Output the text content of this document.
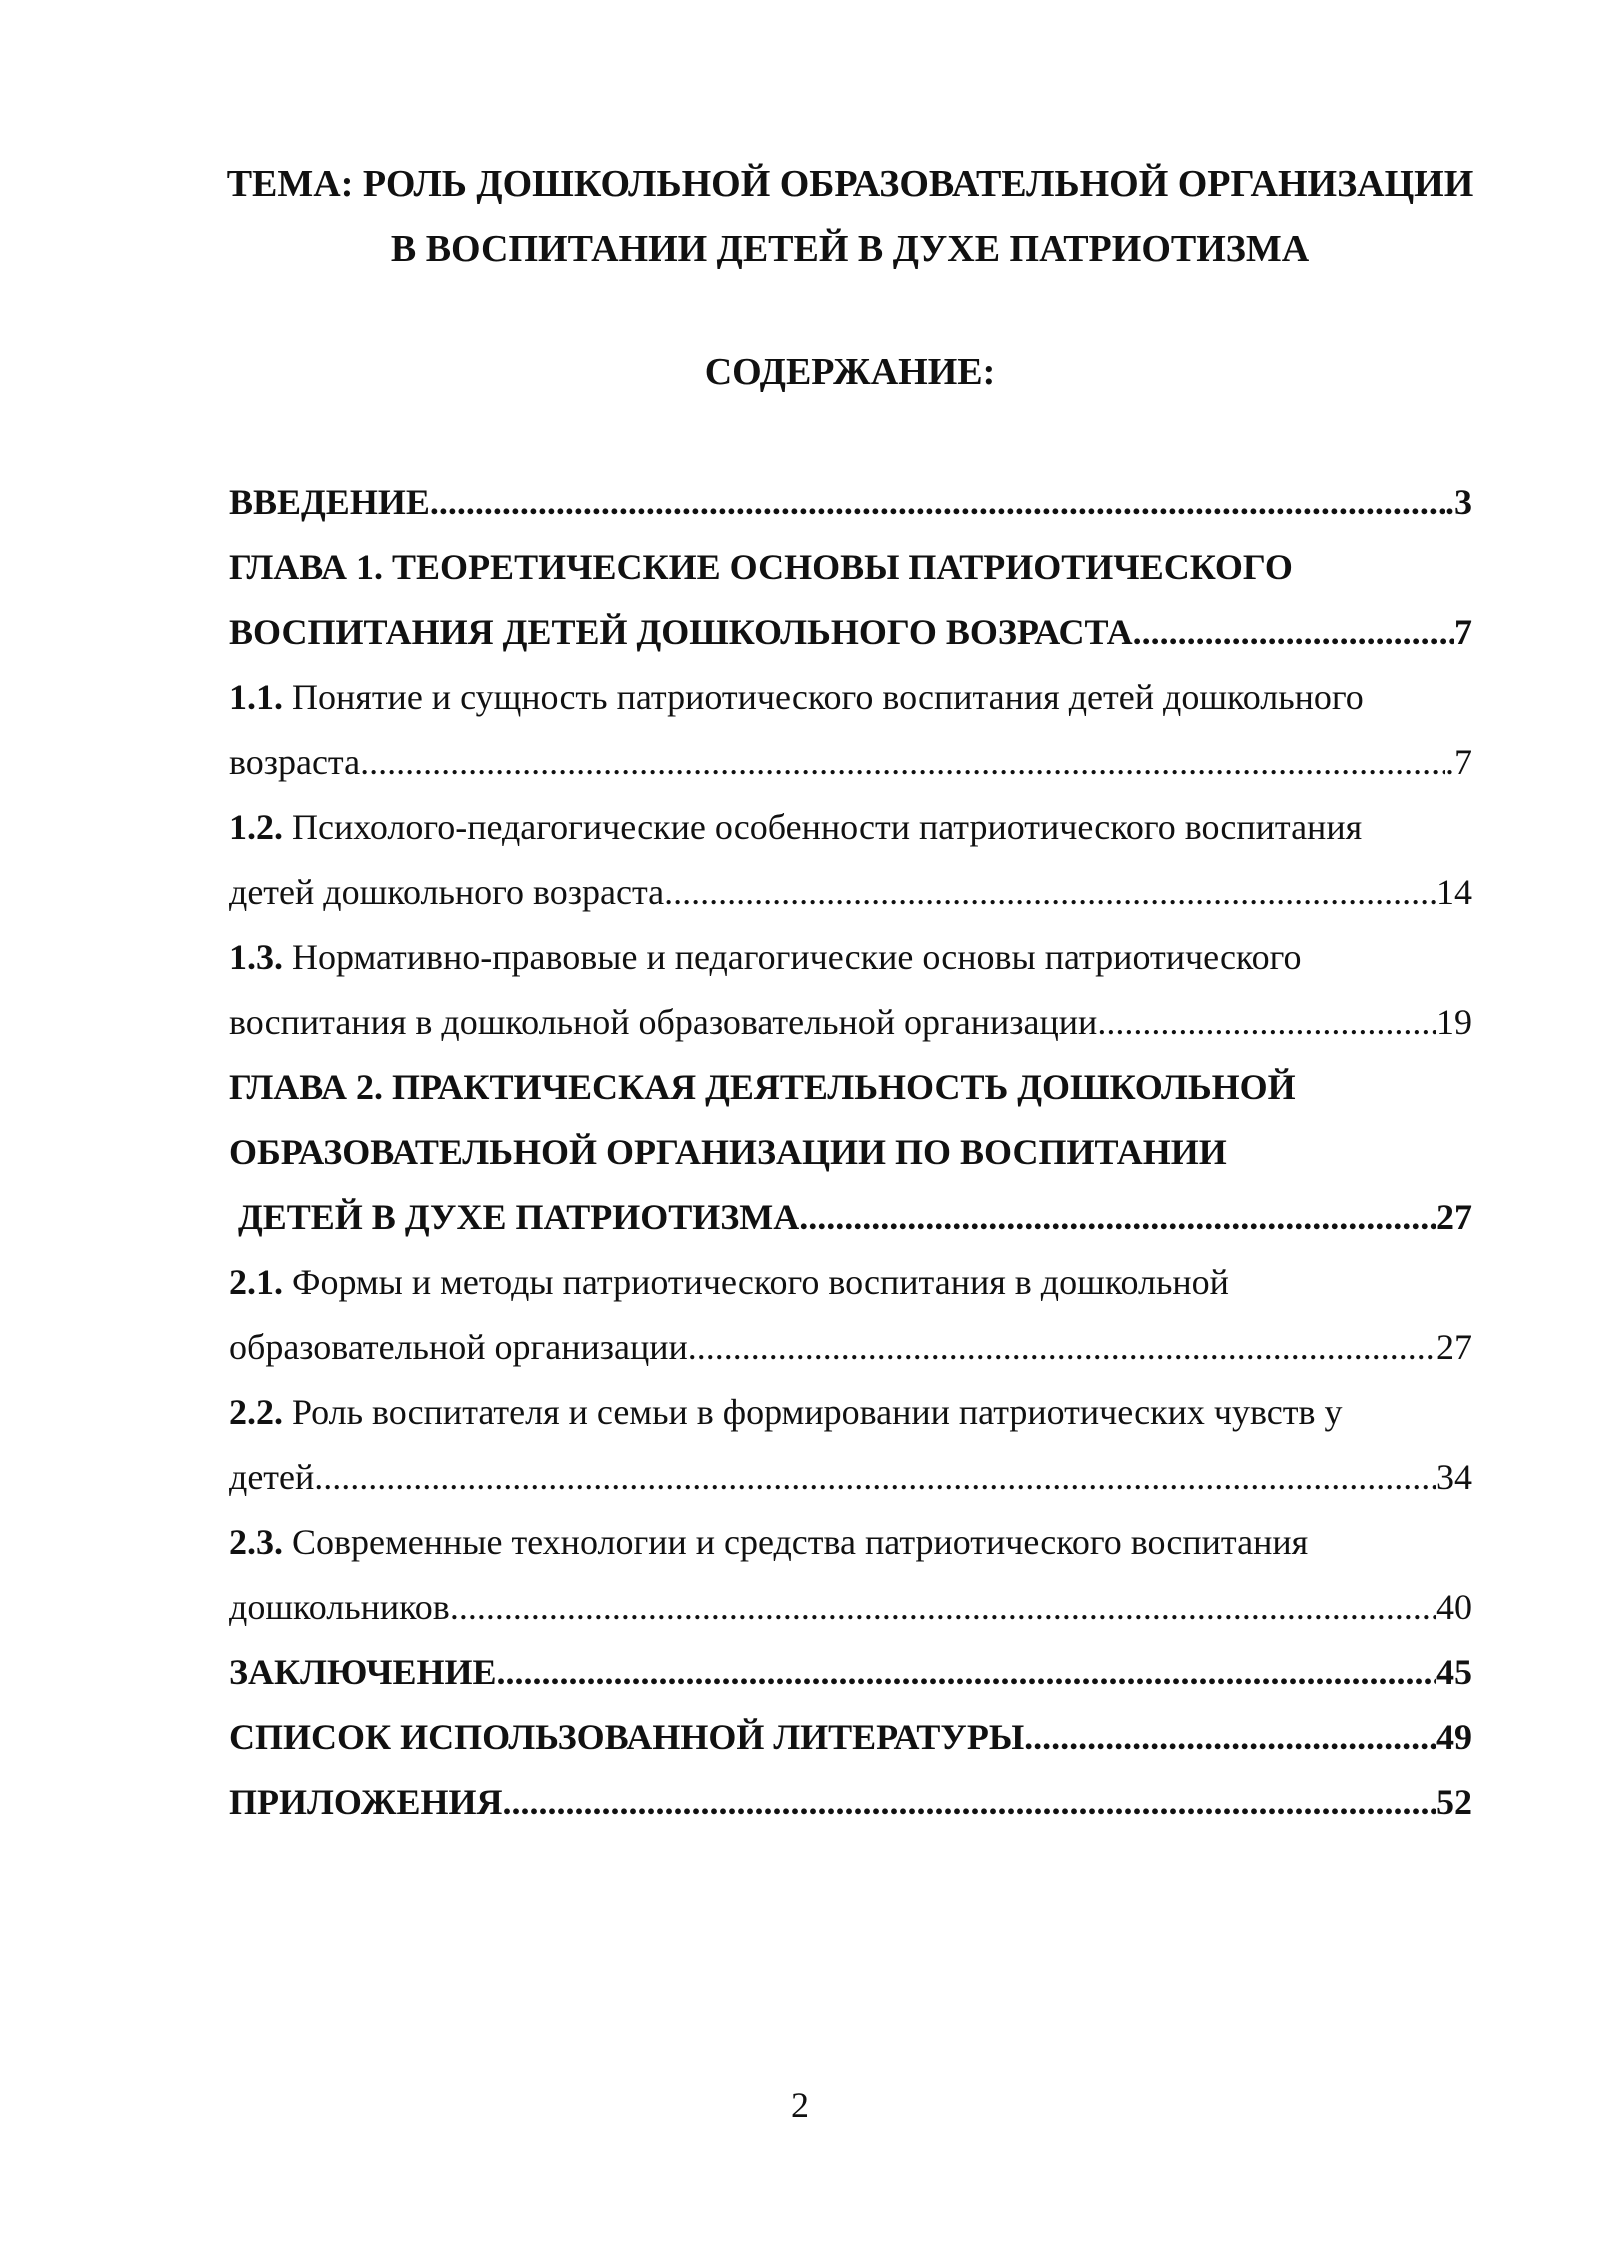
ТЕМА: РОЛЬ ДОШКОЛЬНОЙ ОБРАЗОВАТЕЛЬНОЙ ОРГАНИЗАЦИИ
В ВОСПИТАНИИ ДЕТЕЙ В ДУХЕ ПАТРИОТИЗМА
СОДЕРЖАНИЕ:
ВВЕДЕНИЕ .....	.3
ГЛАВА 1. ТЕОРЕТИЧЕСКИЕ ОСНОВЫ ПАТРИОТИЧЕСКОГО
ВОСПИТАНИЯ ДЕТЕЙ ДОШКОЛЬНОГО ВОЗРАСТА .....	7
1.1. Понятие и сущность патриотического воспитания детей дошкольного
возраста .....	.7
1.2. Психолого-педагогические особенности патриотического воспитания
детей дошкольного возраста .....	14
1.3. Нормативно-правовые и педагогические основы патриотического
воспитания в дошкольной образовательной организации .....	19
ГЛАВА 2. ПРАКТИЧЕСКАЯ ДЕЯТЕЛЬНОСТЬ ДОШКОЛЬНОЙ
ОБРАЗОВАТЕЛЬНОЙ ОРГАНИЗАЦИИ ПО ВОСПИТАНИИ
ДЕТЕЙ В ДУХЕ ПАТРИОТИЗМА .....	27
2.1. Формы и методы патриотического воспитания в дошкольной
образовательной организации .....	27
2.2. Роль воспитателя и семьи в формировании патриотических чувств у
детей .....	34
2.3. Современные технологии и средства патриотического воспитания
дошкольников .....	40
ЗАКЛЮЧЕНИЕ .....	45
СПИСОК ИСПОЛЬЗОВАННОЙ ЛИТЕРАТУРЫ .....	49
ПРИЛОЖЕНИЯ .....	52
2
